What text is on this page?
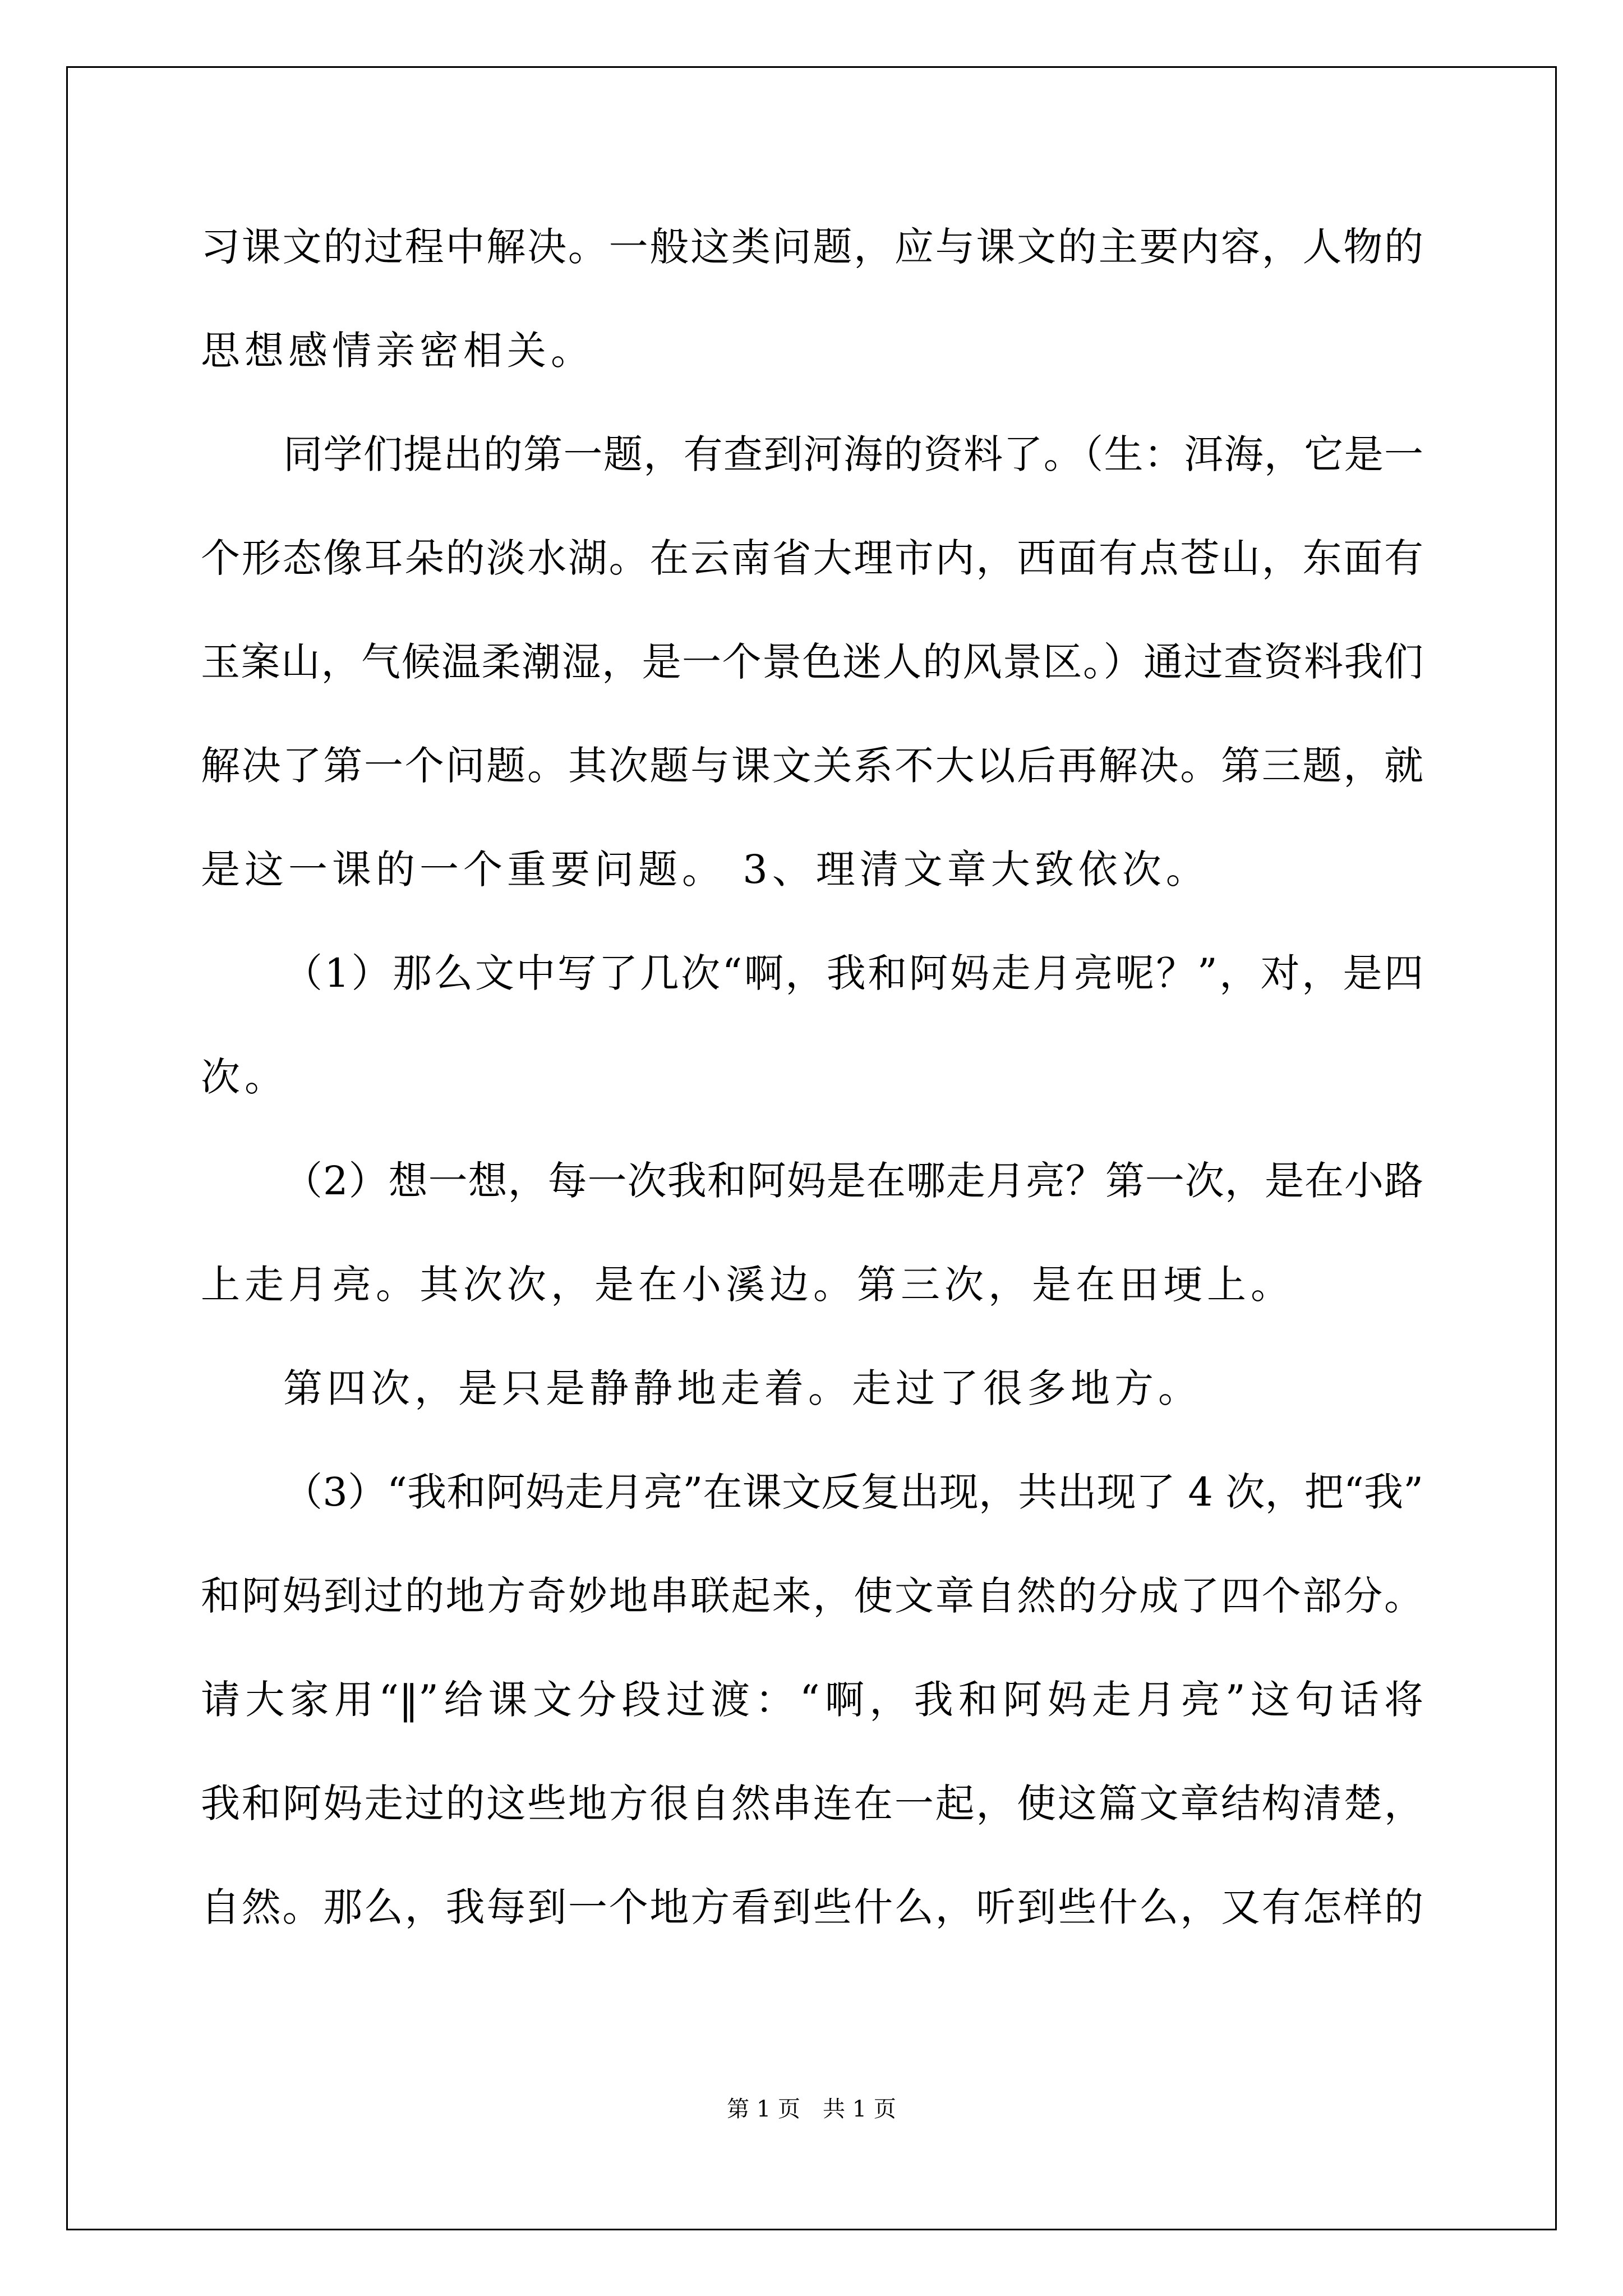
习课文的过程中解决。一般这类问题，应与课文的主要内容，人物的
思想感情亲密相关。
同学们提出的第一题，有查到河海的资料了。（生：洱海，它是一
个形态像耳朵的淡水湖。在云南省大理市内，西面有点苍山，东面有
玉案山，气候温柔潮湿，是一个景色迷人的风景区。）通过查资料我们
解决了第一个问题。其次题与课文关系不大以后再解决。第三题，就
是这一课的一个重要问题。 3、理清文章大致依次。
（1）那么文中写了几次“啊，我和阿妈走月亮呢？”，对，是四
次。
（2）想一想，每一次我和阿妈是在哪走月亮？第一次，是在小路
上走月亮。其次次，是在小溪边。第三次，是在田埂上。
第四次，是只是静静地走着。走过了很多地方。
（3）“我和阿妈走月亮”在课文反复出现，共出现了 4 次，把“我”
和阿妈到过的地方奇妙地串联起来，使文章自然的分成了四个部分。
请大家用“‖”给课文分段过渡：“啊，我和阿妈走月亮”这句话将
我和阿妈走过的这些地方很自然串连在一起，使这篇文章结构清楚，
自然。那么，我每到一个地方看到些什么，听到些什么，又有怎样的
第 1 页　共 1 页
